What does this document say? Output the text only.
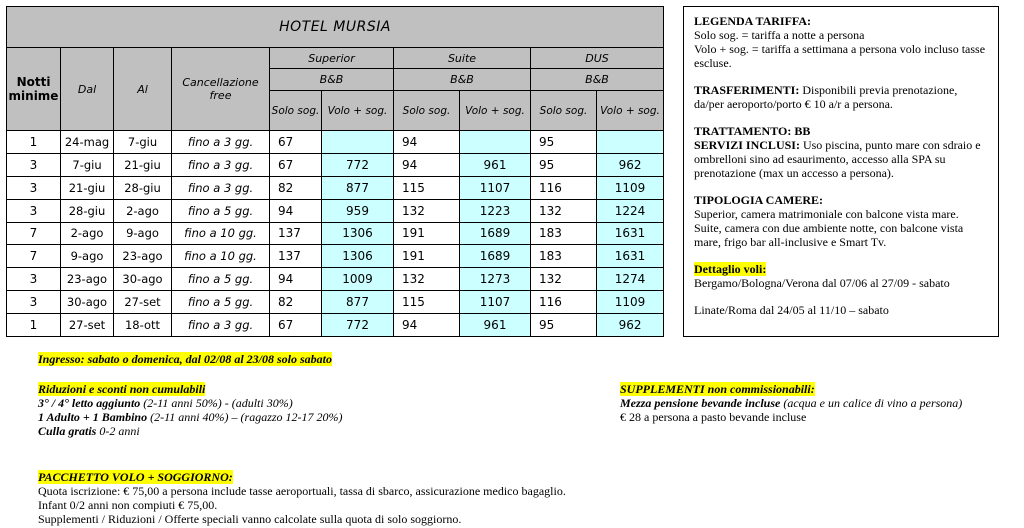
HOTEL MURSIA									
Notti minime	Dal	Al	Cancellazione free	Superior		Suite		DUS	
				B&B		B&B		B&B	
				Solo sog.	Volo + sog.	Solo sog.	Volo + sog.	Solo sog.	Volo + sog.
1	24-mag	7-giu	fino a 3 gg.	67		94		95	
3	7-giu	21-giu	fino a 3 gg.	67	772	94	961	95	962
3	21-giu	28-giu	fino a 3 gg.	82	877	115	1107	116	1109
3	28-giu	2-ago	fino a 5 gg.	94	959	132	1223	132	1224
7	2-ago	9-ago	fino a 10 gg.	137	1306	191	1689	183	1631
7	9-ago	23-ago	fino a 10 gg.	137	1306	191	1689	183	1631
3	23-ago	30-ago	fino a 5 gg.	94	1009	132	1273	132	1274
3	30-ago	27-set	fino a 5 gg.	82	877	115	1107	116	1109
1	27-set	18-ott	fino a 3 gg.	67	772	94	961	95	962

LEGENDA TARIFFA:

Solo sog. = tariffa a notte a persona

Volo + sog. = tariffa a settimana a persona volo incluso tasse escluse.

TRASFERIMENTI: Disponibili previa prenotazione, da/per aeroporto/porto € 10 a/r a persona.

TRATTAMENTO: BB

SERVIZI INCLUSI: Uso piscina, punto mare con sdraio e ombrelloni sino ad esaurimento, accesso alla SPA su prenotazione (max un accesso a persona).

TIPOLOGIA CAMERE:

Superior, camera matrimoniale con balcone vista mare.

Suite, camera con due ambiente notte, con balcone vista mare, frigo bar all-inclusive e Smart Tv.

Dettaglio voli:

Bergamo/Bologna/Verona dal 07/06 al 27/09 - sabato

Linate/Roma dal 24/05 al 11/10 – sabato

Ingresso: sabato o domenica, dal 02/08 al 23/08 solo sabato
Riduzioni e sconti non cumulabili
3° / 4° letto aggiunto (2-11 anni 50%) - (adulti 30%)
1 Adulto + 1 Bambino (2-11 anni 40%) – (ragazzo 12-17 20%)
Culla gratis 0-2 anni
SUPPLEMENTI non commissionabili:
Mezza pensione bevande incluse (acqua e un calice di vino a persona)
€ 28 a persona a pasto bevande incluse
PACCHETTO VOLO + SOGGIORNO:
Quota iscrizione: € 75,00 a persona include tasse aeroportuali, tassa di sbarco, assicurazione medico bagaglio.
Infant 0/2 anni non compiuti € 75,00.
Supplementi / Riduzioni / Offerte speciali vanno calcolate sulla quota di solo soggiorno.
